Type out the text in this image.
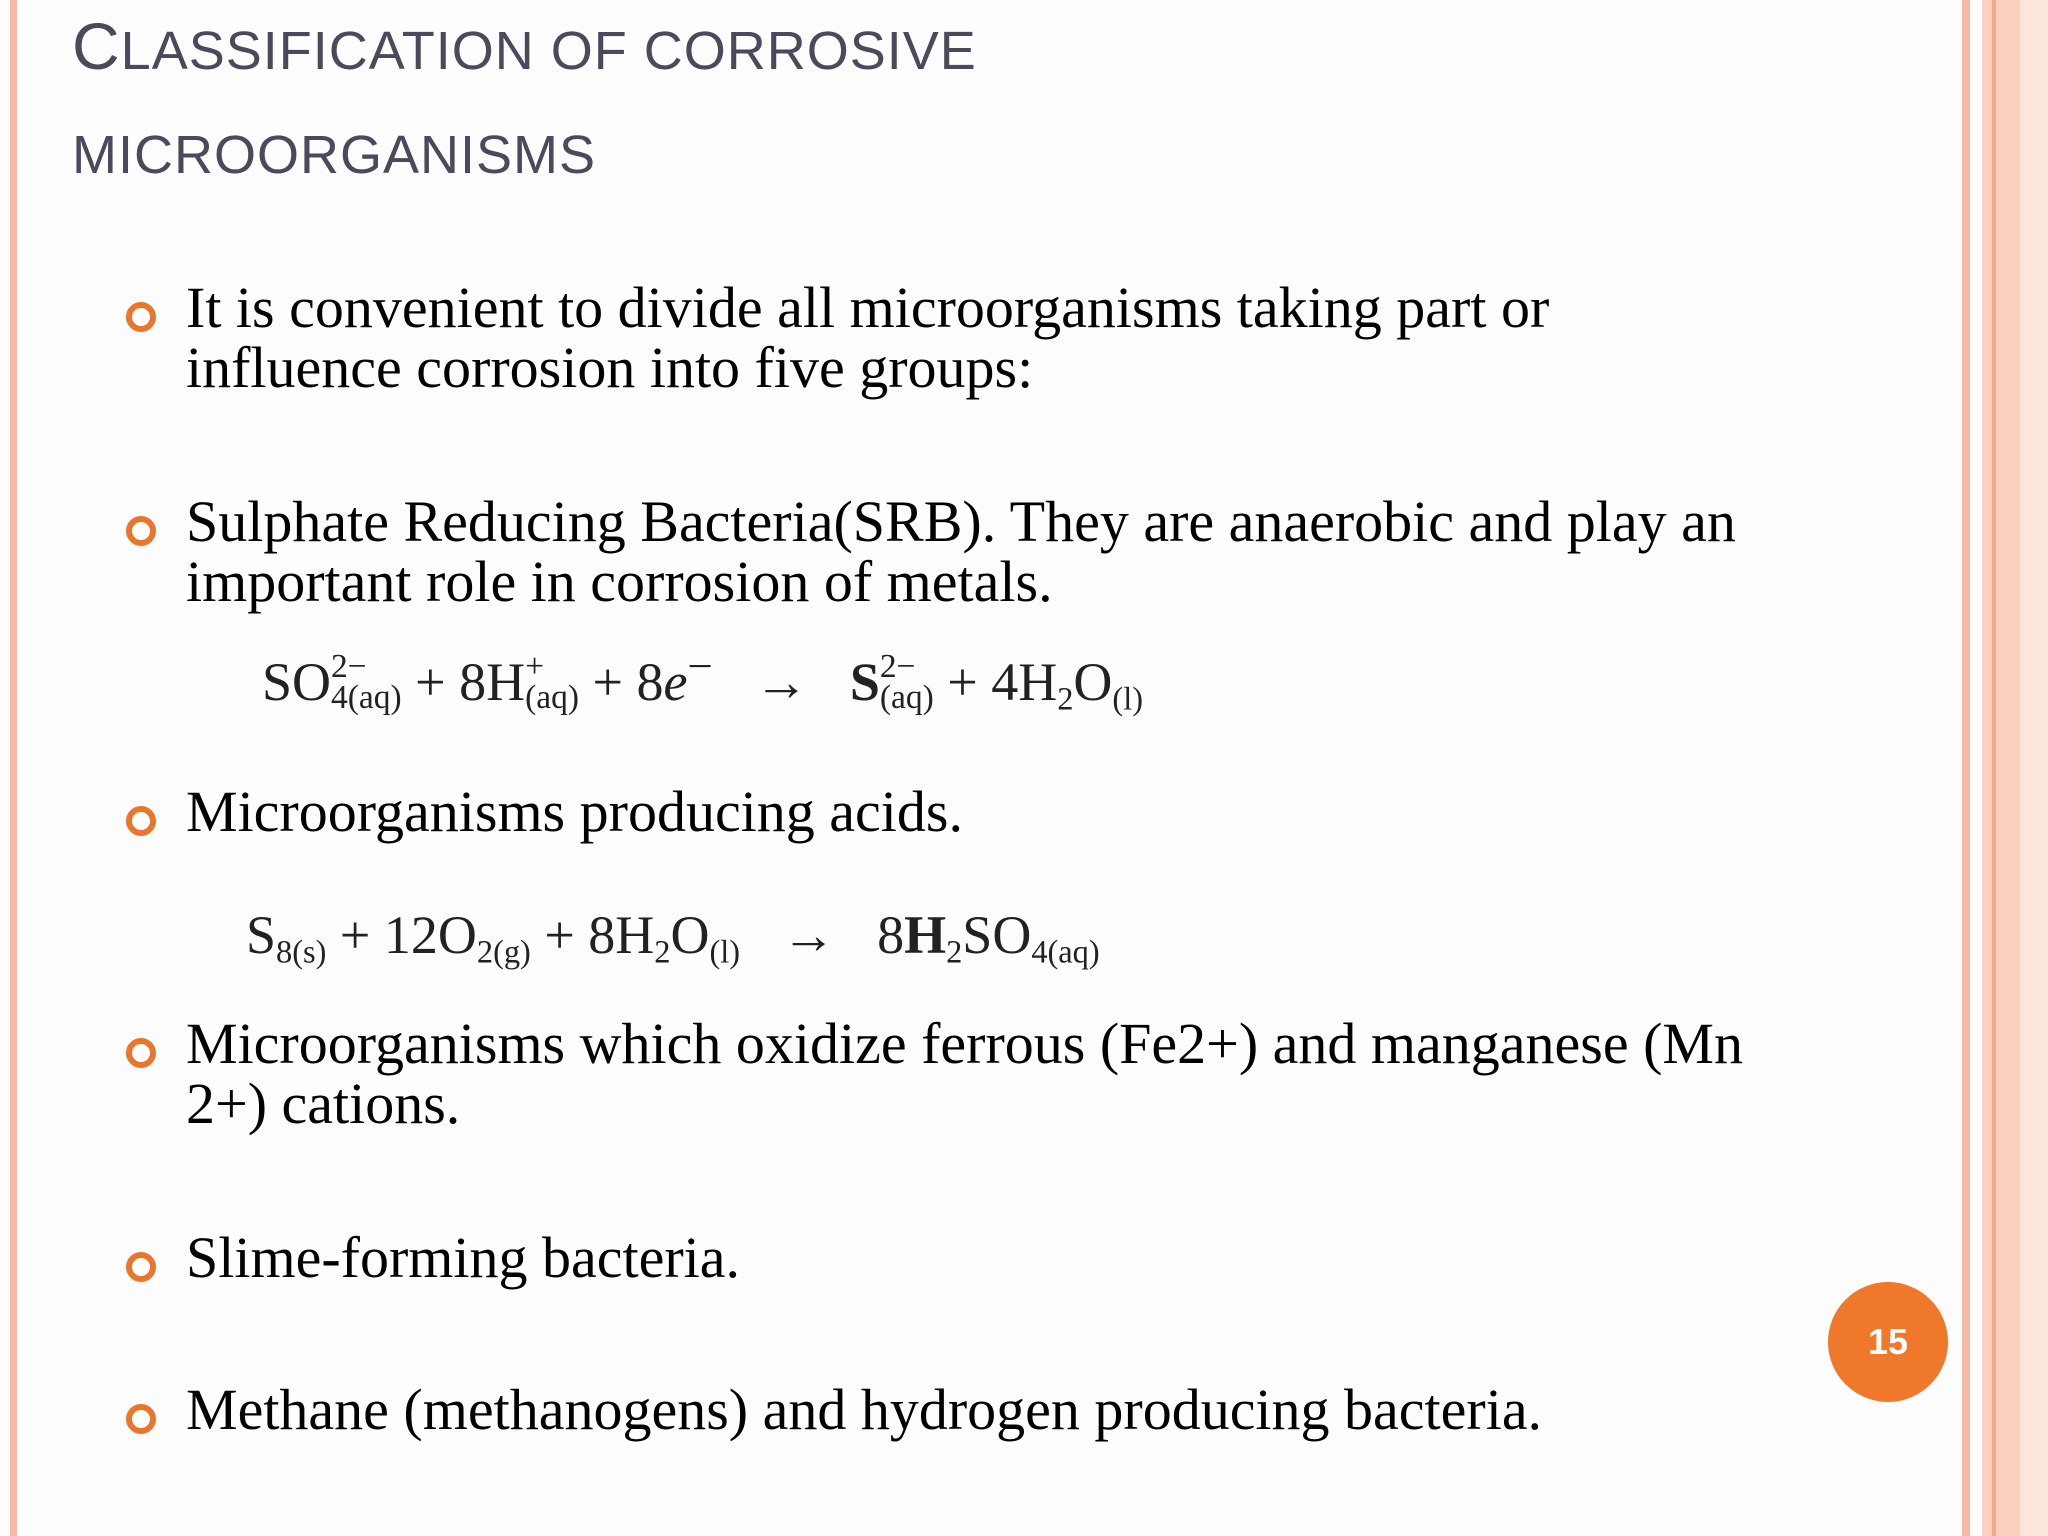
CLASSIFICATION OF CORROSIVE
MICROORGANISMS

It is convenient to divide all microorganisms taking part or
influence corrosion into five groups:

Sulphate Reducing Bacteria(SRB). They are anaerobic and play an
important role in corrosion of metals.

SO 2−
4(aq) + 8H +
(aq) + 8e− → S 2−
$(aq) + 4H_2O_{(l)}$

Microorganisms producing acids.

$S_{8(s)} + 12O_{2(g)} + 8H_2O_{(l)} \to 8H_2SO_{4(aq)}$

Microorganisms which oxidize ferrous (Fe2+) and manganese (Mn
2+) cations.

Slime-forming bacteria.

Methane (methanogens) and hydrogen producing bacteria.

15
